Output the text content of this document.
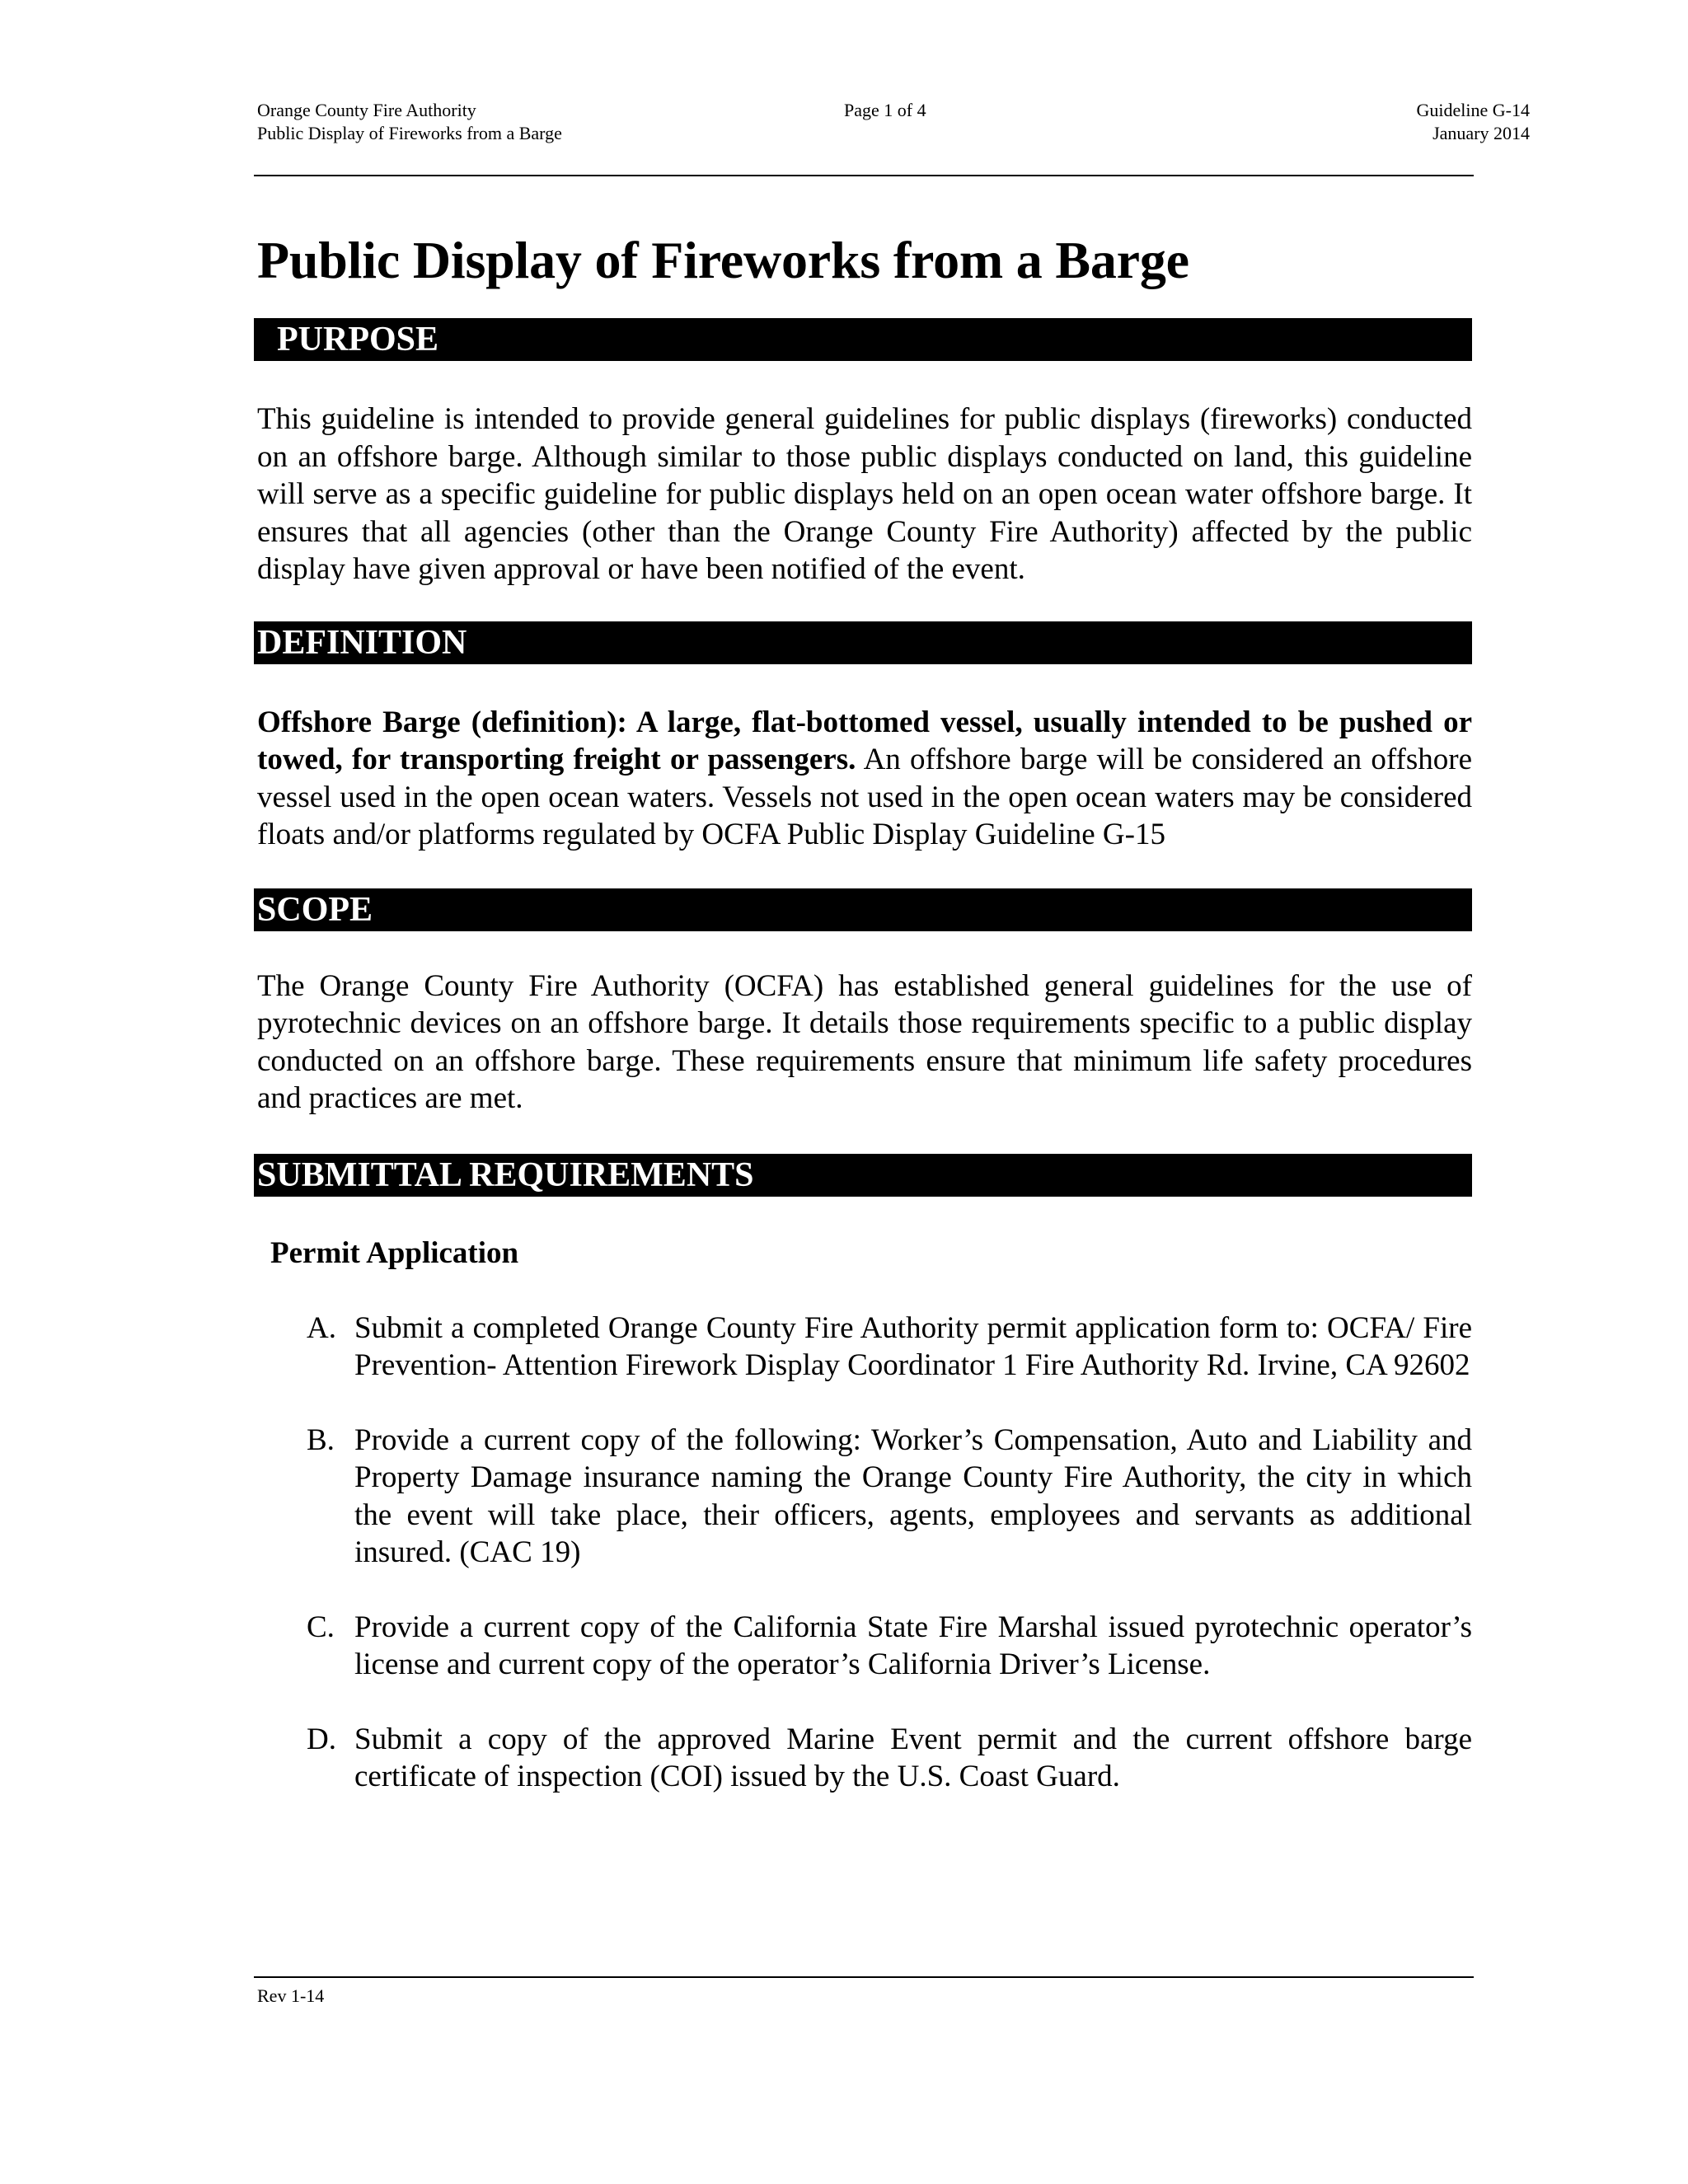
Orange County Fire Authority
Public Display of Fireworks from a Barge
Page 1 of 4	Guideline G-14
January 2014
Public Display of Fireworks from a Barge
PURPOSE

This guideline is intended to provide general guidelines for public displays (fireworks) conducted on an offshore barge. Although similar to those public displays conducted on land, this guideline will serve as a specific guideline for public displays held on an open ocean water offshore barge. It ensures that all agencies (other than the Orange County Fire Authority) affected by the public display have given approval or have been notified of the event.

DEFINITION

Offshore Barge (definition): A large, flat-bottomed vessel, usually intended to be pushed or towed, for transporting freight or passengers. An offshore barge will be considered an offshore vessel used in the open ocean waters. Vessels not used in the open ocean waters may be considered floats and/or platforms regulated by OCFA Public Display Guideline G-15

SCOPE

The Orange County Fire Authority (OCFA) has established general guidelines for the use of pyrotechnic devices on an offshore barge. It details those requirements specific to a public display conducted on an offshore barge. These requirements ensure that minimum life safety procedures and practices are met.

SUBMITTAL REQUIREMENTS
Permit Application
A. Submit a completed Orange County Fire Authority permit application form to: OCFA/ Fire Prevention- Attention Firework Display Coordinator 1 Fire Authority Rd. Irvine, CA 92602
B. Provide a current copy of the following: Worker’s Compensation, Auto and Liability and Property Damage insurance naming the Orange County Fire Authority, the city in which the event will take place, their officers, agents, employees and servants as additional insured. (CAC 19)
C. Provide a current copy of the California State Fire Marshal issued pyrotechnic operator’s license and current copy of the operator’s California Driver’s License.
D. Submit a copy of the approved Marine Event permit and the current offshore barge certificate of inspection (COI) issued by the U.S. Coast Guard.
Rev 1-14
